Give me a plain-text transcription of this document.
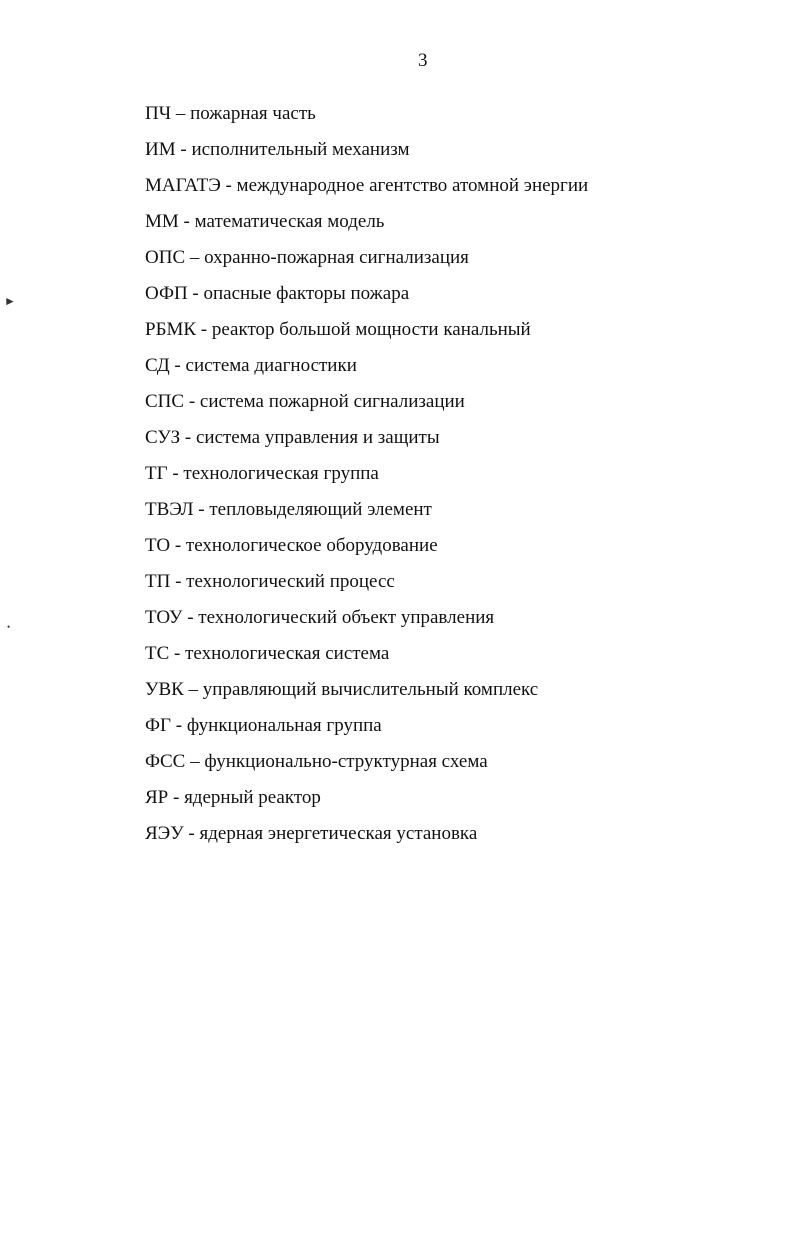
3
ПЧ – пожарная часть
ИМ - исполнительный механизм
МАГАТЭ - международное агентство атомной энергии
ММ - математическая модель
ОПС – охранно-пожарная сигнализация
ОФП - опасные факторы пожара
РБМК - реактор большой мощности канальный
СД - система диагностики
СПС - система пожарной сигнализации
СУЗ - система управления и защиты
ТГ - технологическая группа
ТВЭЛ - тепловыделяющий элемент
ТО - технологическое оборудование
ТП - технологический процесс
ТОУ - технологический объект управления
ТС - технологическая система
УВК – управляющий вычислительный комплекс
ФГ - функциональная группа
ФСС – функционально-структурная схема
ЯР - ядерный реактор
ЯЭУ - ядерная энергетическая установка
►
•
